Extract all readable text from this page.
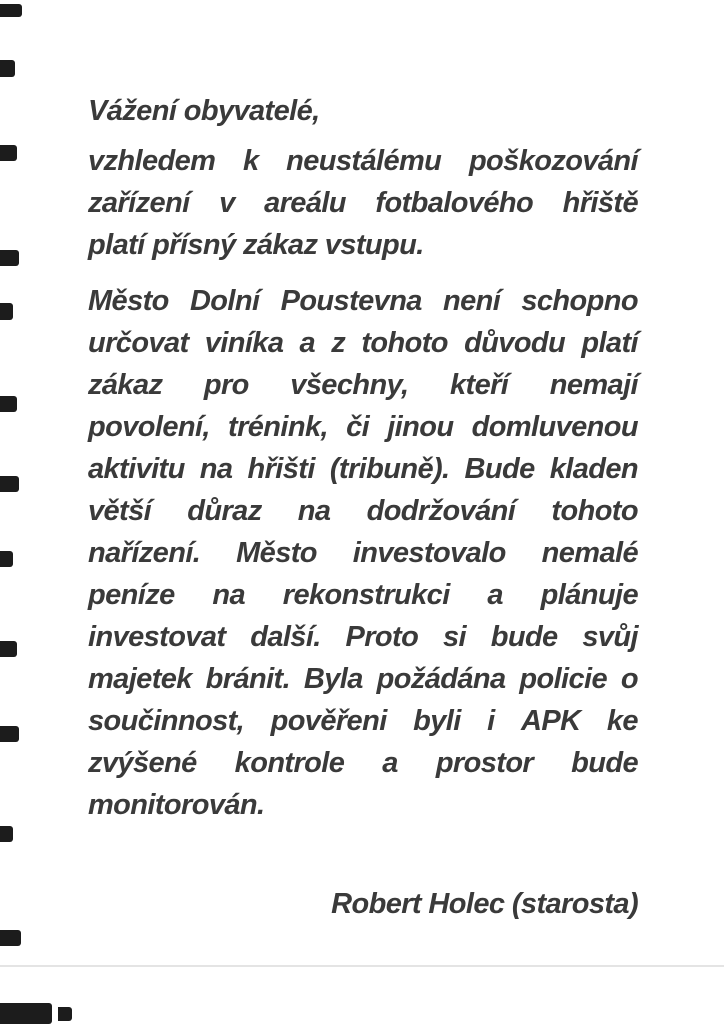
Vážení obyvatelé,
vzhledem k neustálému poškozování
zařízení v areálu fotbalového hřiště
platí přísný zákaz vstupu.
Město Dolní Poustevna není schopno
určovat viníka a z tohoto důvodu platí
zákaz pro všechny, kteří nemají
povolení, trénink, či jinou domluvenou
aktivitu na hřišti (tribuně). Bude kladen
větší důraz na dodržování tohoto
nařízení. Město investovalo nemalé
peníze na rekonstrukci a plánuje
investovat další. Proto si bude svůj
majetek bránit. Byla požádána policie o
součinnost, pověřeni byli i APK ke
zvýšené kontrole a prostor bude
monitorován.
Robert Holec (starosta)
